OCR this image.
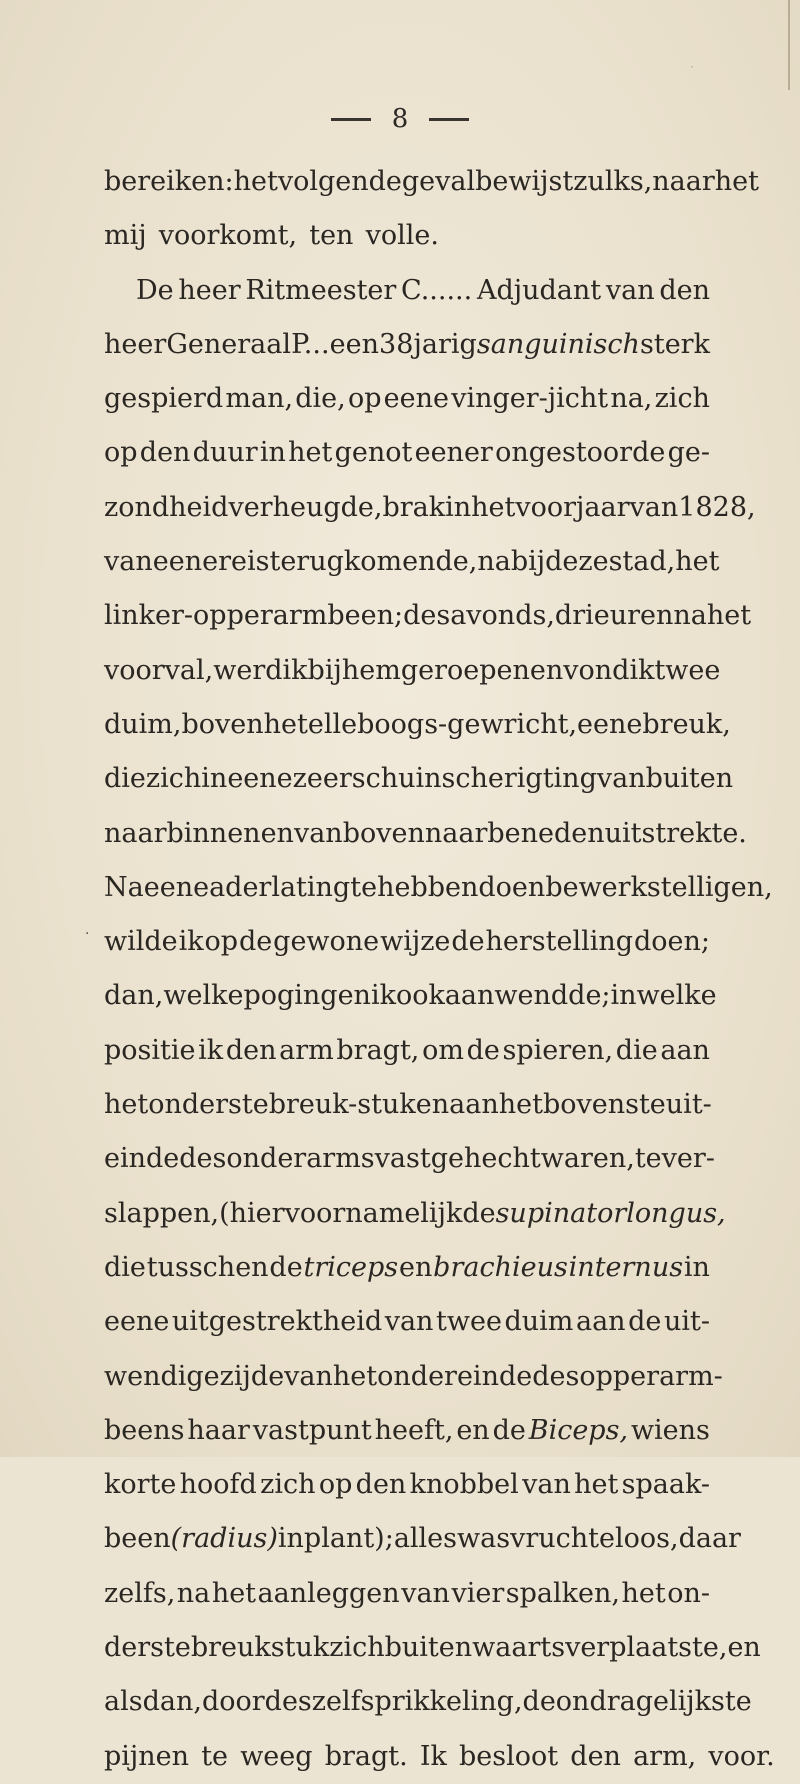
·
8
·
bereiken: het volgende geval bewijst zulks, naar het
mij voorkomt, ten volle.
De heer Ritmeester C...... Adjudant van den
heer Generaal P... een 38 jarig sanguinisch sterk
gespierd man, die, op eene vinger-jicht na, zich
op den duur in het genot eener ongestoorde ge-
zondheid verheugde, brak in het voorjaar van 1828,
van eene reis terug komende, nabij deze stad, het
linker-opperarmbeen; des avonds, drie uren na het
voorval, werd ik bij hem geroepen en vond ik twee
duim, boven het elleboogs-gewricht, eene breuk,
die zich in eene zeer schuinsche rigting van buiten
naar binnen en van boven naar beneden uitstrekte.
Na eene aderlating te hebben doen bewerkstelligen,
wilde ik op de gewone wijze de herstelling doen;
dan, welke pogingen ik ook aanwendde; in welke
positie ik den arm bragt, om de spieren, die aan
het onderste breuk-stuk en aan het bovenste uit-
einde des onderarms vastgehecht waren, te ver-
slappen, (hier voornamelijk de supinator longus,
die tusschen de triceps en brachieus internus in
eene uitgestrektheid van twee duim aan de uit-
wendige zijde van het ondereinde des opperarm-
beens haar vastpunt heeft, en de Biceps, wiens
korte hoofd zich op den knobbel van het spaak-
been (radius) inplant); alles was vruchteloos, daar
zelfs, na het aanleggen van vier spalken, het on-
derste breukstuk zich buitenwaarts verplaatste, en
als dan, door deszelfs prikkeling, de ondragelijkste
pijnen te weeg bragt. Ik besloot den arm, voor.
